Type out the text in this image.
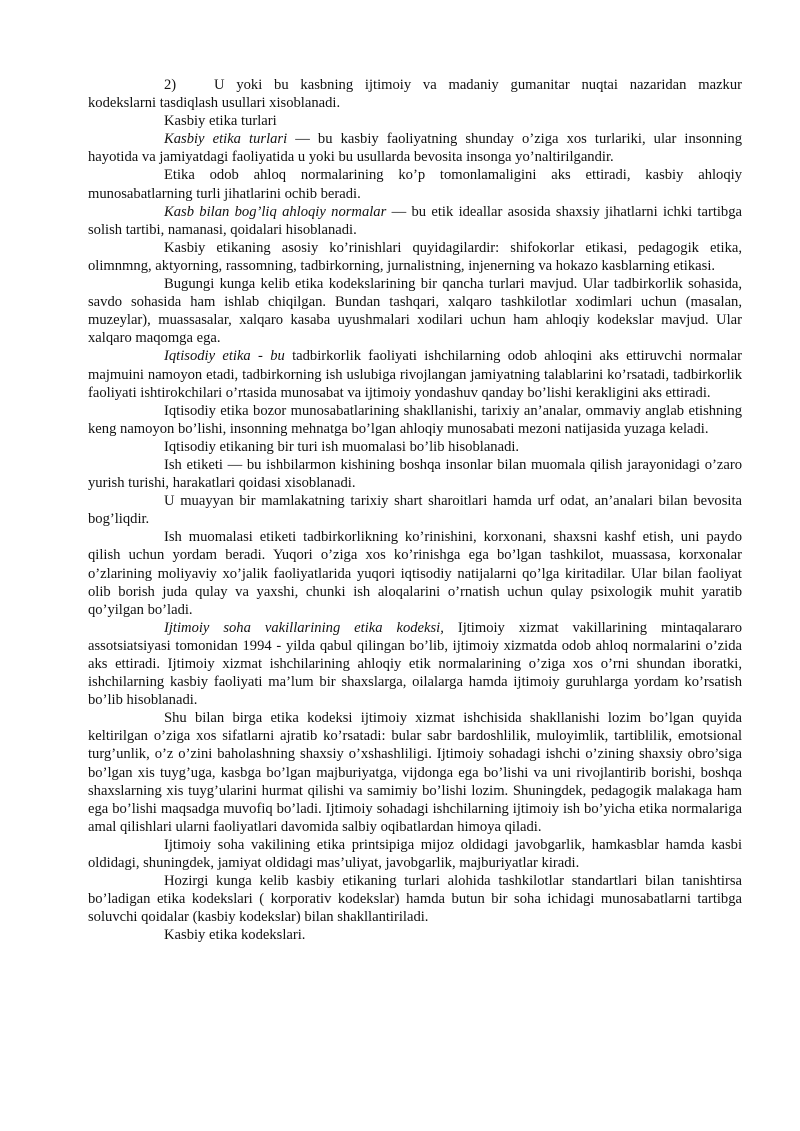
2)	U yoki bu kasbning ijtimoiy va madaniy gumanitar nuqtai nazaridan mazkur

kodekslarni tasdiqlash usullari xisoblanadi.

Kasbiy etika turlari

Kasbiy etika turlari — bu kasbiy faoliyatning shunday o’ziga xos turlariki, ular insonning hayotida va jamiyatdagi faoliyatida u yoki bu usullarda bevosita insonga yo’naltirilgandir.

Etika odob ahloq normalarining ko’p tomonlamaligini aks ettiradi, kasbiy ahloqiy munosabatlarning turli jihatlarini ochib beradi.

Kasb bilan bog’liq ahloqiy normalar — bu etik ideallar asosida shaxsiy jihatlarni ichki tartibga solish tartibi, namanasi, qoidalari hisoblanadi.

Kasbiy etikaning asosiy ko’rinishlari quyidagilardir: shifokorlar etikasi, pedagogik etika, olimnmng, aktyorning, rassomning, tadbirkorning, jurnalistning, injenerning va hokazo kasblarning etikasi.

Bugungi kunga kelib etika kodekslarining bir qancha turlari mavjud. Ular tadbirkorlik sohasida, savdo sohasida ham ishlab chiqilgan. Bundan tashqari, xalqaro tashkilotlar xodimlari uchun (masalan, muzeylar), muassasalar, xalqaro kasaba uyushmalari xodilari uchun ham ahloqiy kodekslar mavjud. Ular xalqaro maqomga ega.

Iqtisodiy etika - bu tadbirkorlik faoliyati ishchilarning odob ahloqini aks ettiruvchi normalar majmuini namoyon etadi, tadbirkorning ish uslubiga rivojlangan jamiyatning talablarini ko’rsatadi, tadbirkorlik faoliyati ishtirokchilari o’rtasida munosabat va ijtimoiy yondashuv qanday bo’lishi kerakligini aks ettiradi.

Iqtisodiy etika bozor munosabatlarining shakllanishi, tarixiy an’analar, ommaviy anglab etishning keng namoyon bo’lishi, insonning mehnatga bo’lgan ahloqiy munosabati mezoni natijasida yuzaga keladi.

Iqtisodiy etikaning bir turi ish muomalasi bo’lib hisoblanadi.

Ish etiketi — bu ishbilarmon kishining boshqa insonlar bilan muomala qilish jarayonidagi o’zaro yurish turishi, harakatlari qoidasi xisoblanadi.

U muayyan bir mamlakatning tarixiy shart sharoitlari hamda urf odat, an’analari bilan bevosita bog’liqdir.

Ish muomalasi etiketi tadbirkorlikning ko’rinishini, korxonani, shaxsni kashf etish, uni paydo qilish uchun yordam beradi. Yuqori o’ziga xos ko’rinishga ega bo’lgan tashkilot, muassasa, korxonalar o’zlarining moliyaviy xo’jalik faoliyatlarida yuqori iqtisodiy natijalarni qo’lga kiritadilar. Ular bilan faoliyat olib borish juda qulay va yaxshi, chunki ish aloqalarini o’rnatish uchun qulay psixologik muhit yaratib qo’yilgan bo’ladi.

Ijtimoiy soha vakillarining etika kodeksi, Ijtimoiy xizmat vakillarining mintaqalararo assotsiatsiyasi tomonidan 1994 - yilda qabul qilingan bo’lib, ijtimoiy xizmatda odob ahloq normalarini o’zida aks ettiradi. Ijtimoiy xizmat ishchilarining ahloqiy etik normalarining o’ziga xos o’rni shundan iboratki, ishchilarning kasbiy faoliyati ma’lum bir shaxslarga, oilalarga hamda ijtimoiy guruhlarga yordam ko’rsatish bo’lib hisoblanadi.

Shu bilan birga etika kodeksi ijtimoiy xizmat ishchisida shakllanishi lozim bo’lgan quyida keltirilgan o’ziga xos sifatlarni ajratib ko’rsatadi: bular sabr bardoshlilik, muloyimlik, tartiblilik, emotsional turg’unlik, o’z o’zini baholashning shaxsiy o’xshashliligi. Ijtimoiy sohadagi ishchi o’zining shaxsiy obro’siga bo’lgan xis tuyg’uga, kasbga bo’lgan majburiyatga, vijdonga ega bo’lishi va uni rivojlantirib borishi, boshqa shaxslarning xis tuyg’ularini hurmat qilishi va samimiy bo’lishi lozim. Shuningdek, pedagogik malakaga ham ega bo’lishi maqsadga muvofiq bo’ladi. Ijtimoiy sohadagi ishchilarning ijtimoiy ish bo’yicha etika normalariga amal qilishlari ularni faoliyatlari davomida salbiy oqibatlardan himoya qiladi.

Ijtimoiy soha vakilining etika printsipiga mijoz oldidagi javobgarlik, hamkasblar hamda kasbi oldidagi, shuningdek, jamiyat oldidagi mas’uliyat, javobgarlik, majburiyatlar kiradi.

Hozirgi kunga kelib kasbiy etikaning turlari alohida tashkilotlar standartlari bilan tanishtirsa bo’ladigan etika kodekslari ( korporativ kodekslar) hamda butun bir soha ichidagi munosabatlarni tartibga soluvchi qoidalar (kasbiy kodekslar) bilan shakllantiriladi.

Kasbiy etika kodekslari.
